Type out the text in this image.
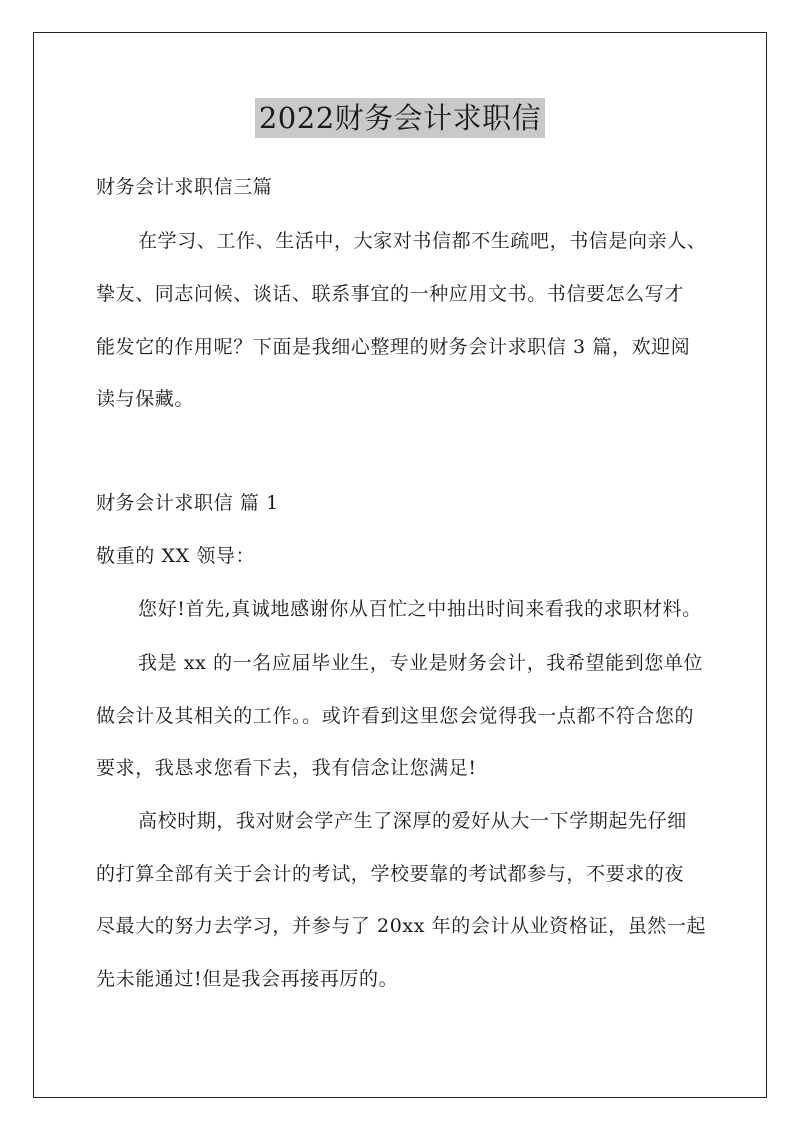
2022财务会计求职信
财务会计求职信三篇
在学习、工作、生活中，大家对书信都不生疏吧，书信是向亲人、
挚友、同志问候、谈话、联系事宜的一种应用文书。书信要怎么写才
能发它的作用呢？下面是我细心整理的财务会计求职信 3 篇，欢迎阅
读与保藏。
财务会计求职信 篇 1
敬重的 XX 领导：
您好!首先,真诚地感谢你从百忙之中抽出时间来看我的求职材料。
我是 xx 的一名应届毕业生，专业是财务会计，我希望能到您单位
做会计及其相关的工作。。或许看到这里您会觉得我一点都不符合您的
要求，我恳求您看下去，我有信念让您满足!
高校时期，我对财会学产生了深厚的爱好从大一下学期起先仔细
的打算全部有关于会计的考试，学校要靠的考试都参与，不要求的夜
尽最大的努力去学习，并参与了 20xx 年的会计从业资格证，虽然一起
先未能通过!但是我会再接再厉的。
